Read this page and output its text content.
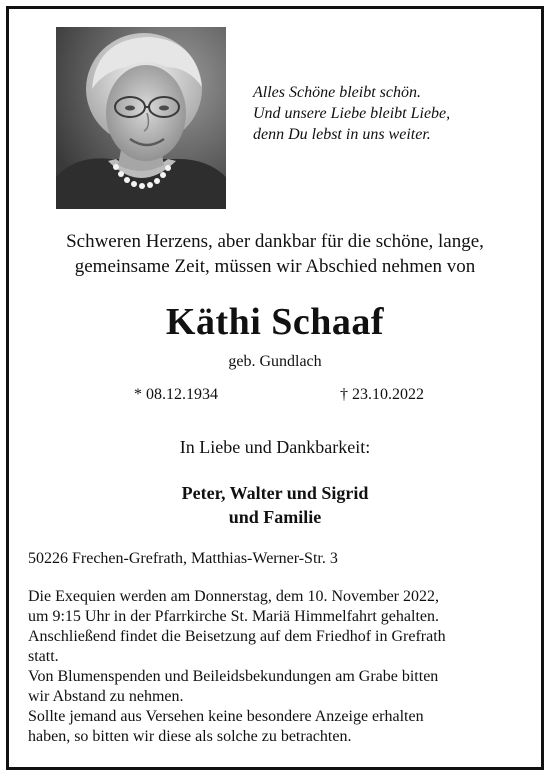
Alles Schöne bleibt schön.
Und unsere Liebe bleibt Liebe,
denn Du lebst in uns weiter.
Schweren Herzens, aber dankbar für die schöne, lange,
gemeinsame Zeit, müssen wir Abschied nehmen von
Käthi Schaaf
geb. Gundlach
* 08.12.1934	† 23.10.2022
In Liebe und Dankbarkeit:
Peter, Walter und Sigrid
und Familie
50226 Frechen-Grefrath, Matthias-Werner-Str. 3
Die Exequien werden am Donnerstag, dem 10. November 2022,
um 9:15 Uhr in der Pfarrkirche St. Mariä Himmelfahrt gehalten.
Anschließend findet die Beisetzung auf dem Friedhof in Grefrath
statt.
Von Blumenspenden und Beileidsbekundungen am Grabe bitten
wir Abstand zu nehmen.
Sollte jemand aus Versehen keine besondere Anzeige erhalten
haben, so bitten wir diese als solche zu betrachten.
